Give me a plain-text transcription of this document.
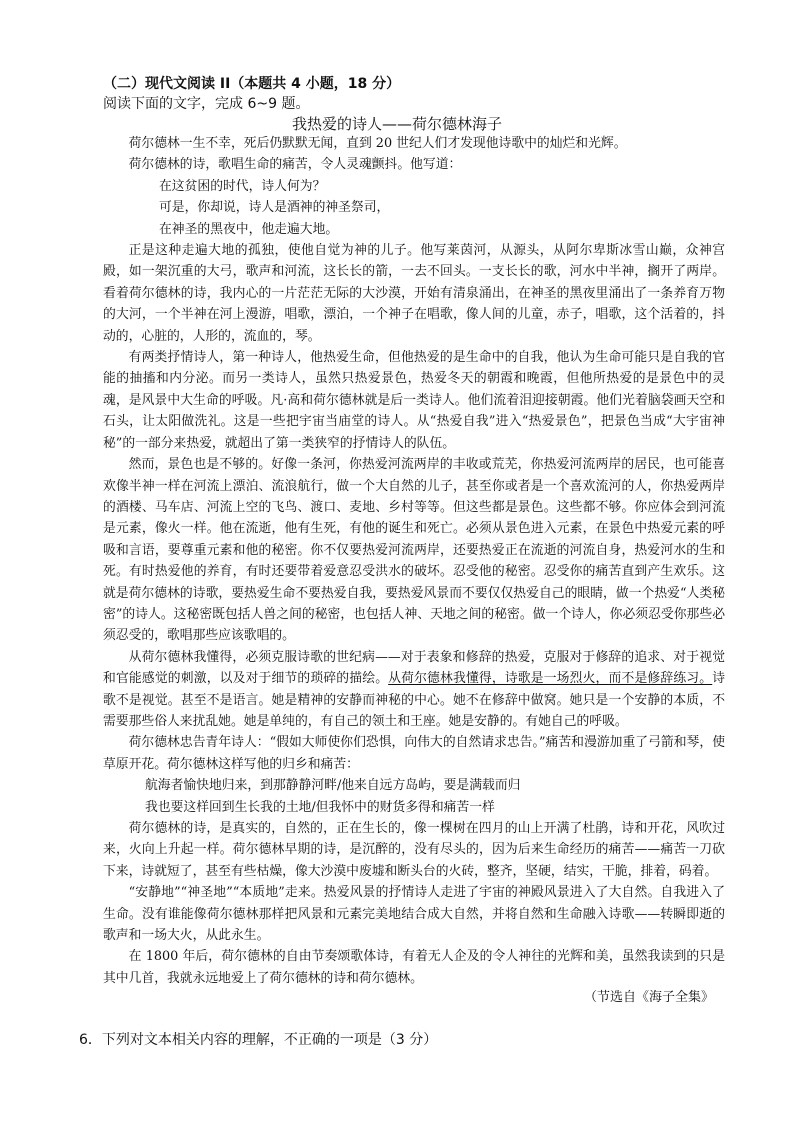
（二）现代文阅读 II（本题共 4 小题，18 分）

阅读下面的文字，完成 6~9 题。

我热爱的诗人——荷尔德林海子

荷尔德林一生不幸，死后仍默默无闻，直到 20 世纪人们才发现他诗歌中的灿烂和光辉。

荷尔德林的诗，歌唱生命的痛苦，令人灵魂颤抖。他写道：

在这贫困的时代，诗人何为？

可是，你却说，诗人是酒神的神圣祭司，

在神圣的黑夜中，他走遍大地。

正是这种走遍大地的孤独，使他自觉为神的儿子。他写莱茵河，从源头，从阿尔卑斯冰雪山巅，众神宫殿，如一架沉重的大弓，歌声和河流，这长长的箭，一去不回头。一支长长的歌，河水中半神，搁开了两岸。看着荷尔德林的诗，我内心的一片茫茫无际的大沙漠，开始有清泉涌出，在神圣的黑夜里涌出了一条养育万物的大河，一个半神在河上漫游，唱歌，漂泊，一个神子在唱歌，像人间的儿童，赤子，唱歌，这个活着的，抖动的，心脏的，人形的，流血的，琴。

有两类抒情诗人，第一种诗人，他热爱生命，但他热爱的是生命中的自我，他认为生命可能只是自我的官能的抽搐和内分泌。而另一类诗人，虽然只热爱景色，热爱冬天的朝霞和晚霞，但他所热爱的是景色中的灵魂，是风景中大生命的呼吸。凡·高和荷尔德林就是后一类诗人。他们流着泪迎接朝霞。他们光着脑袋画天空和石头，让太阳做洗礼。这是一些把宇宙当庙堂的诗人。从“热爱自我”进入“热爱景色”，把景色当成“大宇宙神秘”的一部分来热爱，就超出了第一类狭窄的抒情诗人的队伍。

然而，景色也是不够的。好像一条河，你热爱河流两岸的丰收或荒芜，你热爱河流两岸的居民，也可能喜欢像半神一样在河流上漂泊、流浪航行，做一个大自然的儿子，甚至你或者是一个喜欢流河的人，你热爱两岸的酒楼、马车店、河流上空的飞鸟、渡口、麦地、乡村等等。但这些都是景色。这些都不够。你应体会到河流是元素，像火一样。他在流逝，他有生死，有他的诞生和死亡。必须从景色进入元素，在景色中热爱元素的呼吸和言语，要尊重元素和他的秘密。你不仅要热爱河流两岸，还要热爱正在流逝的河流自身，热爱河水的生和死。有时热爱他的养育，有时还要带着爱意忍受洪水的破坏。忍受他的秘密。忍受你的痛苦直到产生欢乐。这就是荷尔德林的诗歌，要热爱生命不要热爱自我，要热爱风景而不要仅仅热爱自己的眼睛，做一个热爱“人类秘密”的诗人。这秘密既包括人兽之间的秘密，也包括人神、天地之间的秘密。做一个诗人，你必须忍受你那些必须忍受的，歌唱那些应该歌唱的。

从荷尔德林我懂得，必须克服诗歌的世纪病——对于表象和修辞的热爱，克服对于修辞的追求、对于视觉和官能感觉的刺激，以及对于细节的琐碎的描绘。从荷尔德林我懂得，诗歌是一场烈火，而不是修辞练习。诗歌不是视觉。甚至不是语言。她是精神的安静而神秘的中心。她不在修辞中做窝。她只是一个安静的本质，不需要那些俗人来扰乱她。她是单纯的，有自己的领土和王座。她是安静的。有她自己的呼吸。

荷尔德林忠告青年诗人：“假如大师使你们恐惧，向伟大的自然请求忠告。”痛苦和漫游加重了弓箭和琴，使草原开花。荷尔德林这样写他的归乡和痛苦：

航海者愉快地归来，到那静静河畔/他来自远方岛屿，要是满载而归

我也要这样回到生长我的土地/但我怀中的财货多得和痛苦一样

荷尔德林的诗，是真实的，自然的，正在生长的，像一棵树在四月的山上开满了杜鹃，诗和开花，风吹过来，火向上升起一样。荷尔德林早期的诗，是沉醉的，没有尽头的，因为后来生命经历的痛苦——痛苦一刀砍下来，诗就短了，甚至有些枯燥，像大沙漠中废墟和断头台的火砖，整齐，坚硬，结实，干脆，排着，码着。

“安静地”“神圣地”“本质地”走来。热爱风景的抒情诗人走进了宇宙的神殿风景进入了大自然。自我进入了生命。没有谁能像荷尔德林那样把风景和元素完美地结合成大自然，并将自然和生命融入诗歌——转瞬即逝的歌声和一场大火，从此永生。

在 1800 年后，荷尔德林的自由节奏颂歌体诗，有着无人企及的令人神往的光辉和美，虽然我读到的只是其中几首，我就永远地爱上了荷尔德林的诗和荷尔德林。

（节选自《海子全集》

6．下列对文本相关内容的理解，不正确的一项是（3 分）
